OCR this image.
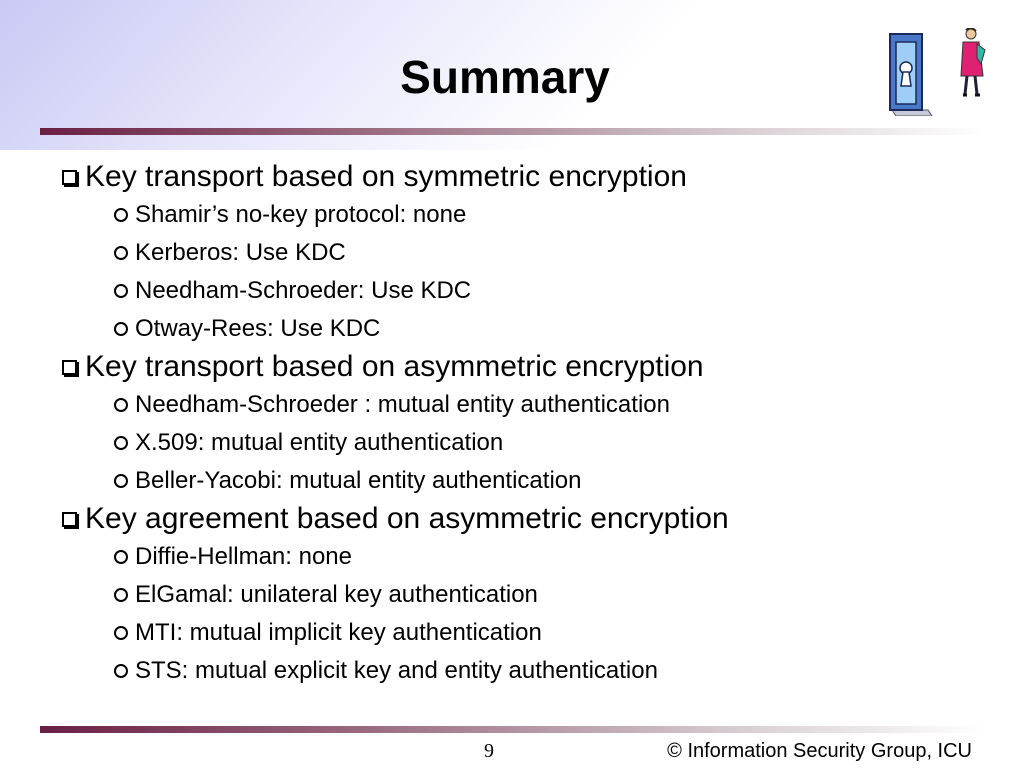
Summary
Key transport based on symmetric encryption
Shamir’s no-key protocol: none
Kerberos: Use KDC
Needham-Schroeder: Use KDC
Otway-Rees: Use KDC
Key transport based on asymmetric encryption
Needham-Schroeder : mutual entity authentication
X.509: mutual entity authentication
Beller-Yacobi: mutual entity authentication
Key agreement based on asymmetric encryption
Diffie-Hellman: none
ElGamal: unilateral key authentication
MTI: mutual implicit key authentication
STS: mutual explicit key and entity authentication
9	© Information Security Group, ICU
